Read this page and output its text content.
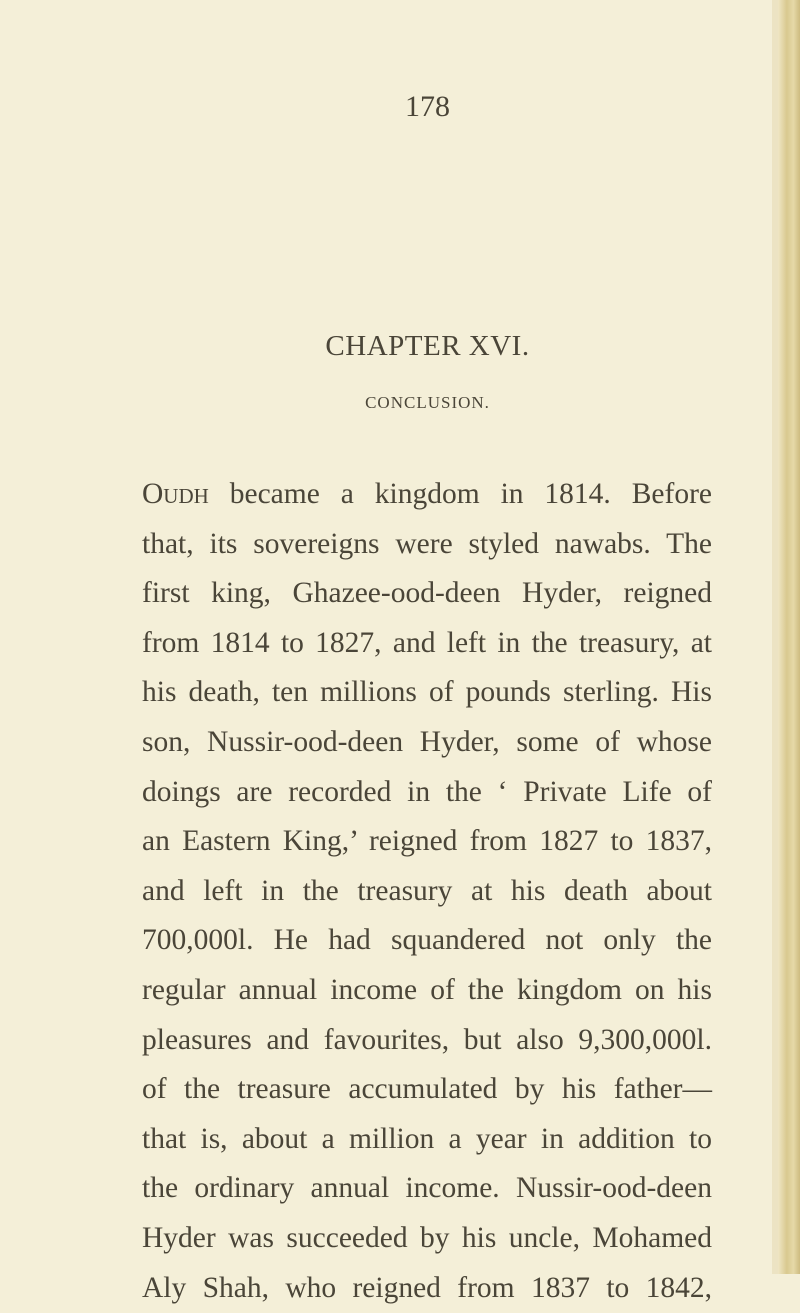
178
CHAPTER XVI.
CONCLUSION.
Oudh became a kingdom in 1814. Before
that, its sovereigns were styled nawabs. The
first king, Ghazee-ood-deen Hyder, reigned
from 1814 to 1827, and left in the treasury, at
his death, ten millions of pounds sterling. His
son, Nussir-ood-deen Hyder, some of whose
doings are recorded in the ‘ Private Life of
an Eastern King,’ reigned from 1827 to 1837,
and left in the treasury at his death about
700,000l. He had squandered not only the
regular annual income of the kingdom on his
pleasures and favourites, but also 9,300,000l.
of the treasure accumulated by his father—
that is, about a million a year in addition to
the ordinary annual income. Nussir-ood-deen
Hyder was succeeded by his uncle, Mohamed
Aly Shah, who reigned from 1837 to 1842,
